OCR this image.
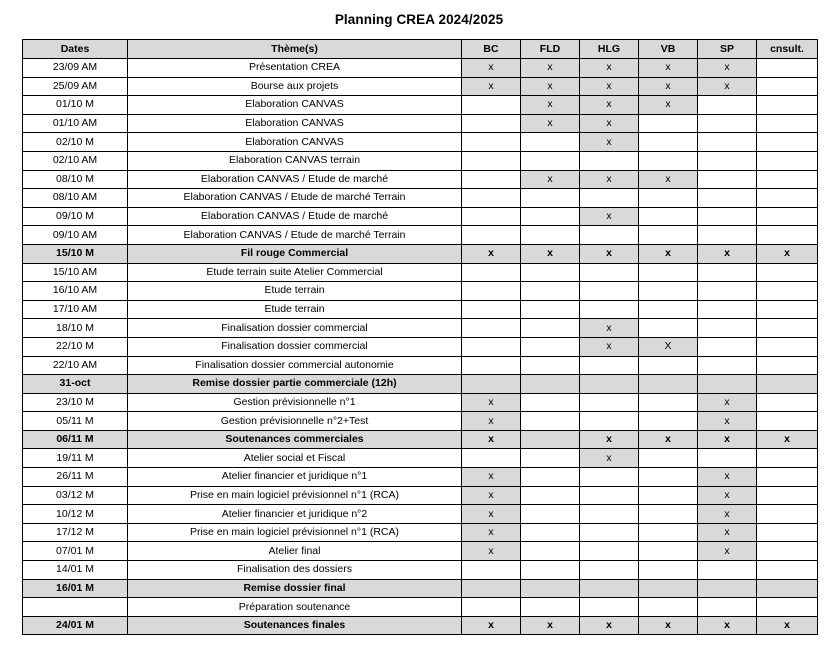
Planning CREA 2024/2025
Dates	Thème(s)	BC	FLD	HLG	VB	SP	cnsult.
23/09 AM	Présentation CREA	x	x	x	x	x	
25/09 AM	Bourse aux projets	x	x	x	x	x	
01/10 M	Elaboration CANVAS		x	x	x		
01/10 AM	Elaboration CANVAS		x	x			
02/10 M	Elaboration CANVAS			x			
02/10 AM	Elaboration CANVAS terrain						
08/10 M	Elaboration CANVAS / Etude de marché		x	x	x		
08/10 AM	Elaboration CANVAS / Etude de marché Terrain						
09/10 M	Elaboration CANVAS / Etude de marché			x			
09/10 AM	Elaboration CANVAS / Etude de marché Terrain						
15/10 M	Fil rouge Commercial	x	x	x	x	x	x
15/10 AM	Etude terrain suite Atelier Commercial						
16/10 AM	Etude terrain						
17/10 AM	Etude terrain						
18/10 M	Finalisation dossier commercial			x			
22/10 M	Finalisation dossier commercial			x	X		
22/10 AM	Finalisation dossier commercial autonomie						
31-oct	Remise dossier partie commerciale (12h)						
23/10 M	Gestion prévisionnelle n°1	x				x	
05/11 M	Gestion prévisionnelle n°2+Test	x				x	
06/11 M	Soutenances commerciales	x		x	x	x	x
19/11 M	Atelier social et Fiscal			x			
26/11 M	Atelier financier et juridique n°1	x				x	
03/12 M	Prise en main logiciel prévisionnel n°1 (RCA)	x				x	
10/12 M	Atelier financier et juridique n°2	x				x	
17/12 M	Prise en main logiciel prévisionnel n°1 (RCA)	x				x	
07/01 M	Atelier final	x				x	
14/01 M	Finalisation des dossiers						
16/01 M	Remise dossier final						
	Préparation soutenance						
24/01 M	Soutenances finales	x	x	x	x	x	x
